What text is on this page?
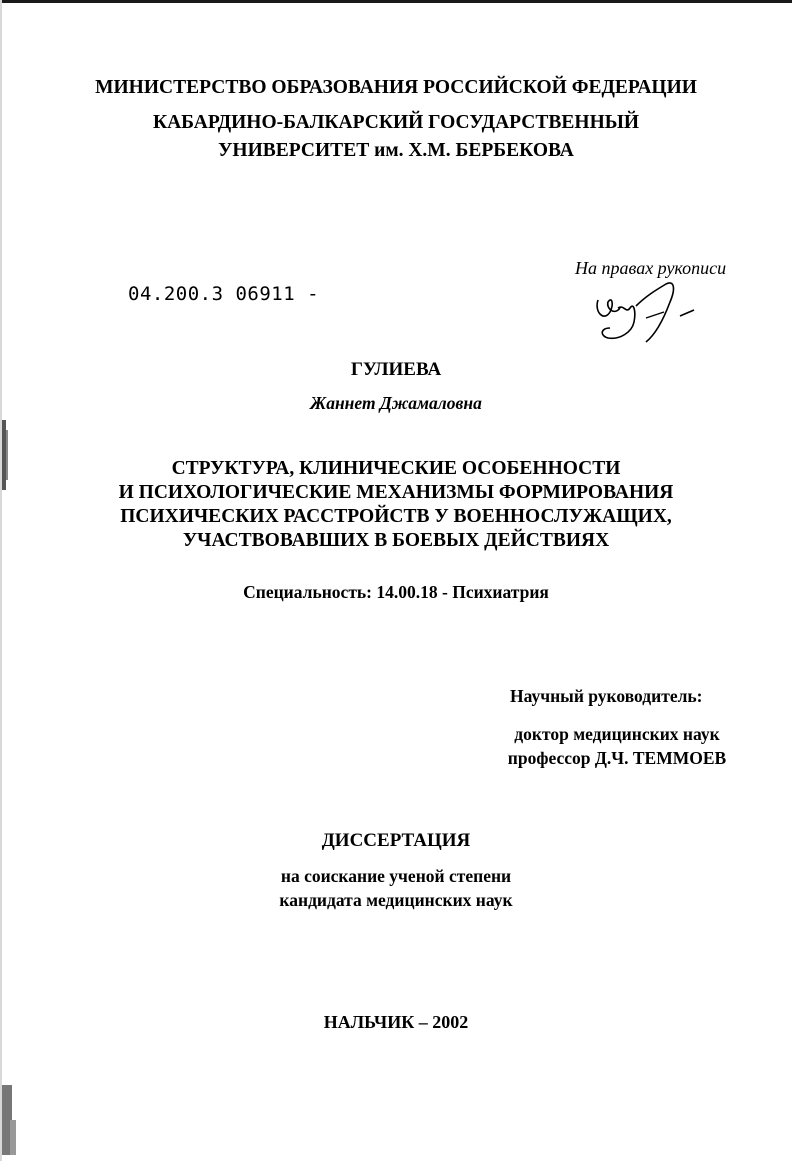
МИНИСТЕРСТВО ОБРАЗОВАНИЯ РОССИЙСКОЙ ФЕДЕРАЦИИ
КАБАРДИНО-БАЛКАРСКИЙ ГОСУДАРСТВЕННЫЙ
УНИВЕРСИТЕТ им. Х.М. БЕРБЕКОВА
04.200.3 06911 -
На правах рукописи
ГУЛИЕВА
Жаннет Джамаловна
СТРУКТУРА, КЛИНИЧЕСКИЕ ОСОБЕННОСТИ
И ПСИХОЛОГИЧЕСКИЕ МЕХАНИЗМЫ ФОРМИРОВАНИЯ
ПСИХИЧЕСКИХ РАССТРОЙСТВ У ВОЕННОСЛУЖАЩИХ,
УЧАСТВОВАВШИХ В БОЕВЫХ ДЕЙСТВИЯХ
Специальность: 14.00.18 - Психиатрия
Научный руководитель:
доктор медицинских наук
профессор Д.Ч. ТЕММОЕВ
ДИССЕРТАЦИЯ
на соискание ученой степени
кандидата медицинских наук
НАЛЬЧИК – 2002
